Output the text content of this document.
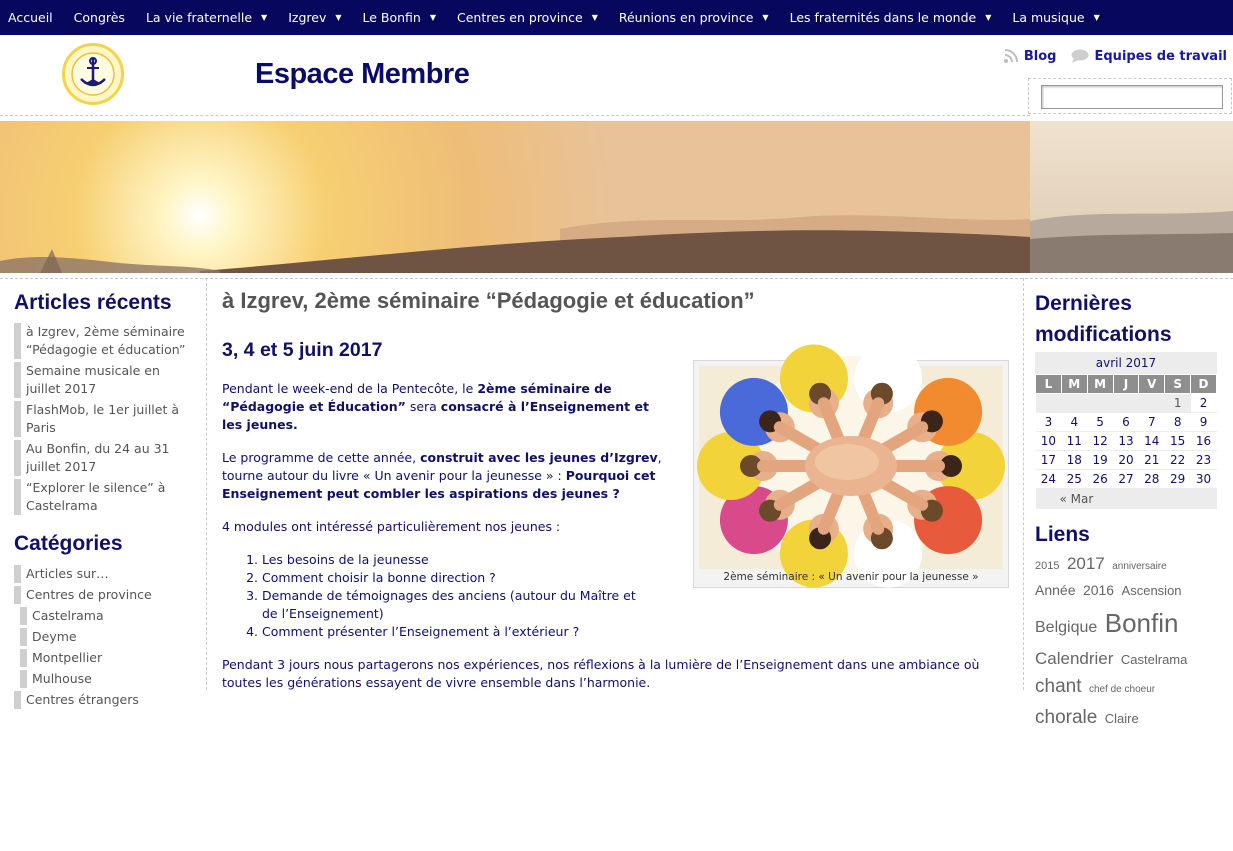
Accueil Congrès La vie fraternelle ▼ Izgrev ▼ Le Bonfin ▼ Centres en province ▼ Réunions en province ▼ Les fraternités dans le monde ▼ La musique ▼
Espace Membre
Blog	Equipes de travail
Articles récents
à Izgrev, 2ème séminaire “Pédagogie et éducation”
Semaine musicale en juillet 2017
FlashMob, le 1er juillet à Paris
Au Bonfin, du 24 au 31 juillet 2017
“Explorer le silence” à Castelrama
Catégories
Articles sur…
Centres de province
Castelrama
Deyme
Montpellier
Mulhouse
Centres étrangers
à Izgrev, 2ème séminaire “Pédagogie et éducation”
3, 4 et 5 juin 2017
2ème séminaire : « Un avenir pour la jeunesse »

Pendant le week-end de la Pentecôte, le 2ème séminaire de “Pédagogie et Éducation” sera consacré à l’Enseignement et les jeunes.

Le programme de cette année, construit avec les jeunes d’Izgrev, tourne autour du livre « Un avenir pour la jeunesse » : Pourquoi cet Enseignement peut combler les aspirations des jeunes ?

4 modules ont intéressé particulièrement nos jeunes :

1. Les besoins de la jeunesse
2. Comment choisir la bonne direction ?
3. Demande de témoignages des anciens (autour du Maître et de l’Enseignement)
4. Comment présenter l’Enseignement à l’extérieur ?

Pendant 3 jours nous partagerons nos expériences, nos réflexions à la lumière de l’Enseignement dans une ambiance où toutes les générations essayent de vivre ensemble dans l’harmonie.

Dernières modifications
avril 2017
L	M	M	J	V	S	D
					1	2
3	4	5	6	7	8	9
10	11	12	13	14	15	16
17	18	19	20	21	22	23
24	25	26	27	28	29	30
« Mar						
Liens
2015 2017 anniversaire Année 2016 Ascension Belgique Bonfin Calendrier Castelrama chant chef de choeur chorale Claire
